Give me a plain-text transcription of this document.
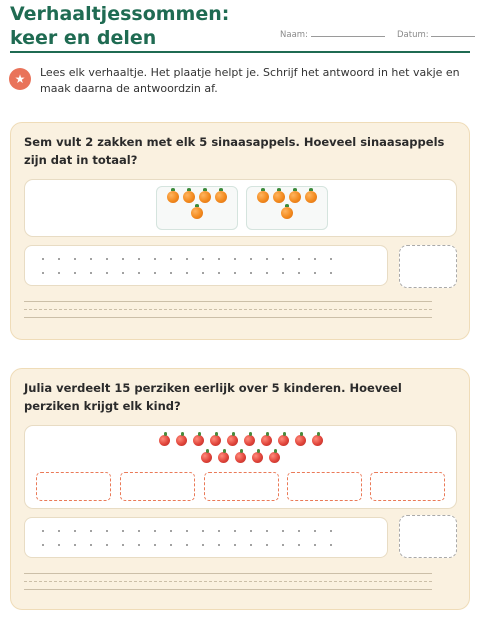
Verhaaltjessommen: keer en delen	Naam:	Datum:
★	Lees elk verhaaltje. Het plaatje helpt je. Schrijf het antwoord in het vakje en maak daarna de antwoordzin af.
Sem vult 2 zakken met elk 5 sinaasappels. Hoeveel sinaasappels zijn dat in totaal?
Julia verdeelt 15 perziken eerlijk over 5 kinderen. Hoeveel perziken krijgt elk kind?
